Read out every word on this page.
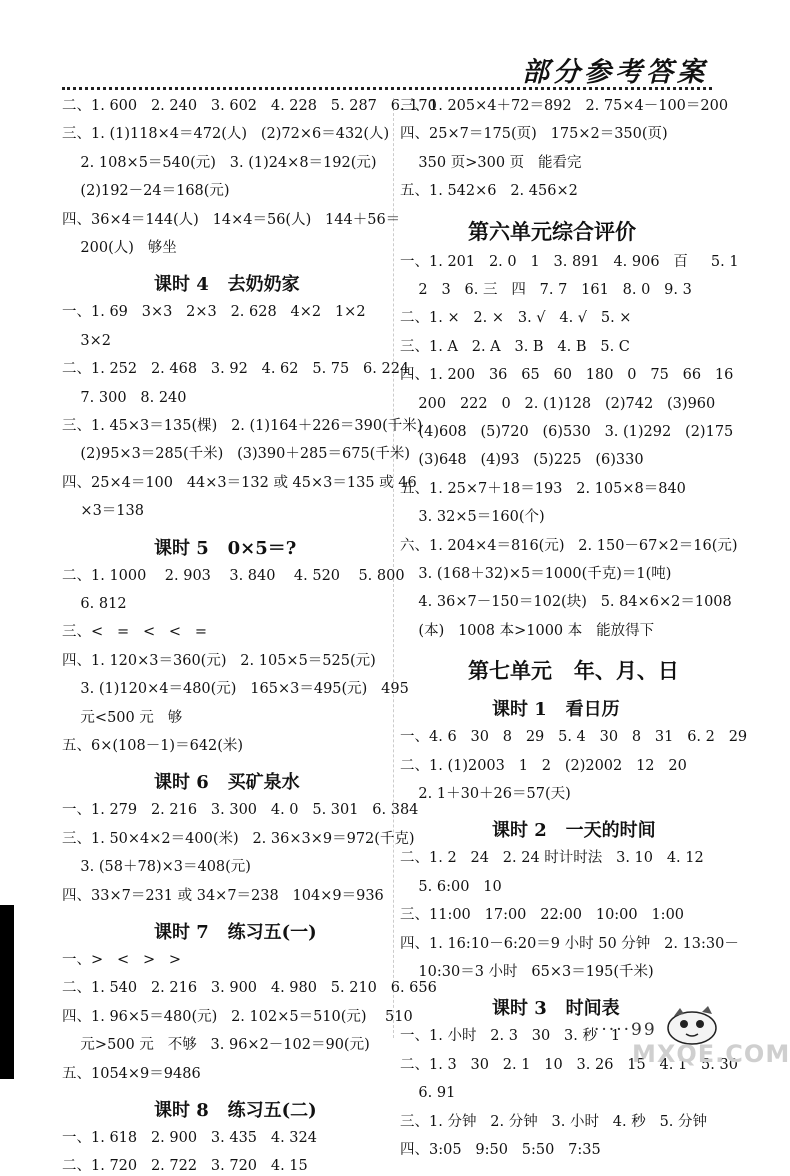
部分参考答案
二、1. 600   2. 240   3. 602   4. 228   5. 287   6. 170
三、1. (1)118×4＝472(人)   (2)72×6＝432(人)
2. 108×5＝540(元)   3. (1)24×8＝192(元)
(2)192－24＝168(元)
四、36×4＝144(人)   14×4＝56(人)   144＋56＝
200(人)   够坐
课时 4   去奶奶家
一、1. 69   3×3   2×3   2. 628   4×2   1×2
3×2
二、1. 252   2. 468   3. 92   4. 62   5. 75   6. 224
7. 300   8. 240
三、1. 45×3＝135(棵)   2. (1)164＋226＝390(千米)
(2)95×3＝285(千米)   (3)390＋285＝675(千米)
四、25×4＝100   44×3＝132 或 45×3＝135 或 46
×3＝138
课时 5   0×5＝?
二、1. 1000    2. 903    3. 840    4. 520    5. 800
6. 812
三、<   =   <   <   =
四、1. 120×3＝360(元)   2. 105×5＝525(元)
3. (1)120×4＝480(元)   165×3＝495(元)   495
元<500 元   够
五、6×(108－1)＝642(米)
课时 6   买矿泉水
一、1. 279   2. 216   3. 300   4. 0   5. 301   6. 384
三、1. 50×4×2＝400(米)   2. 36×3×9＝972(千克)
3. (58＋78)×3＝408(元)
四、33×7＝231 或 34×7＝238   104×9＝936
课时 7   练习五(一)
一、>   <   >   >
二、1. 540   2. 216   3. 900   4. 980   5. 210   6. 656
四、1. 96×5＝480(元)   2. 102×5＝510(元)    510
元>500 元   不够   3. 96×2－102＝90(元)
五、1054×9＝9486
课时 8   练习五(二)
一、1. 618   2. 900   3. 435   4. 324
二、1. 720   2. 722   3. 720   4. 15
三、1. 205×4＋72＝892   2. 75×4－100＝200
四、25×7＝175(页)   175×2＝350(页)
350 页>300 页   能看完
五、1. 542×6   2. 456×2
第六单元综合评价
一、1. 201   2. 0   1   3. 891   4. 906   百     5. 1
2   3   6. 三   四   7. 7   161   8. 0   9. 3
二、1. ×   2. ×   3. √   4. √   5. ×
三、1. A   2. A   3. B   4. B   5. C
四、1. 200   36   65   60   180   0   75   66   16
200   222   0   2. (1)128   (2)742   (3)960
(4)608   (5)720   (6)530   3. (1)292   (2)175
(3)648   (4)93   (5)225   (6)330
五、1. 25×7＋18＝193   2. 105×8＝840
3. 32×5＝160(个)
六、1. 204×4＝816(元)   2. 150－67×2＝16(元)
3. (168＋32)×5＝1000(千克)＝1(吨)
4. 36×7－150＝102(块)   5. 84×6×2＝1008
(本)   1008 本>1000 本   能放得下
第七单元   年、月、日
课时 1   看日历
一、4. 6   30   8   29   5. 4   30   8   31   6. 2   29
二、1. (1)2003   1   2   (2)2002   12   20
2. 1＋30＋26＝57(天)
课时 2   一天的时间
二、1. 2   24   2. 24 时计时法   3. 10   4. 12
5. 6:00   10
三、11:00   17:00   22:00   10:00   1:00
四、1. 16:10－6:20＝9 小时 50 分钟   2. 13:30－
10:30＝3 小时   65×3＝195(千米)
课时 3   时间表
一、1. 小时   2. 3   30   3. 秒   1
二、1. 3   30   2. 1   10   3. 26   15   4. 1   5. 30
6. 91
三、1. 分钟   2. 分钟   3. 小时   4. 秒   5. 分钟
四、3:05   9:50   5:50   7:35
·····99
MXQE.COM
